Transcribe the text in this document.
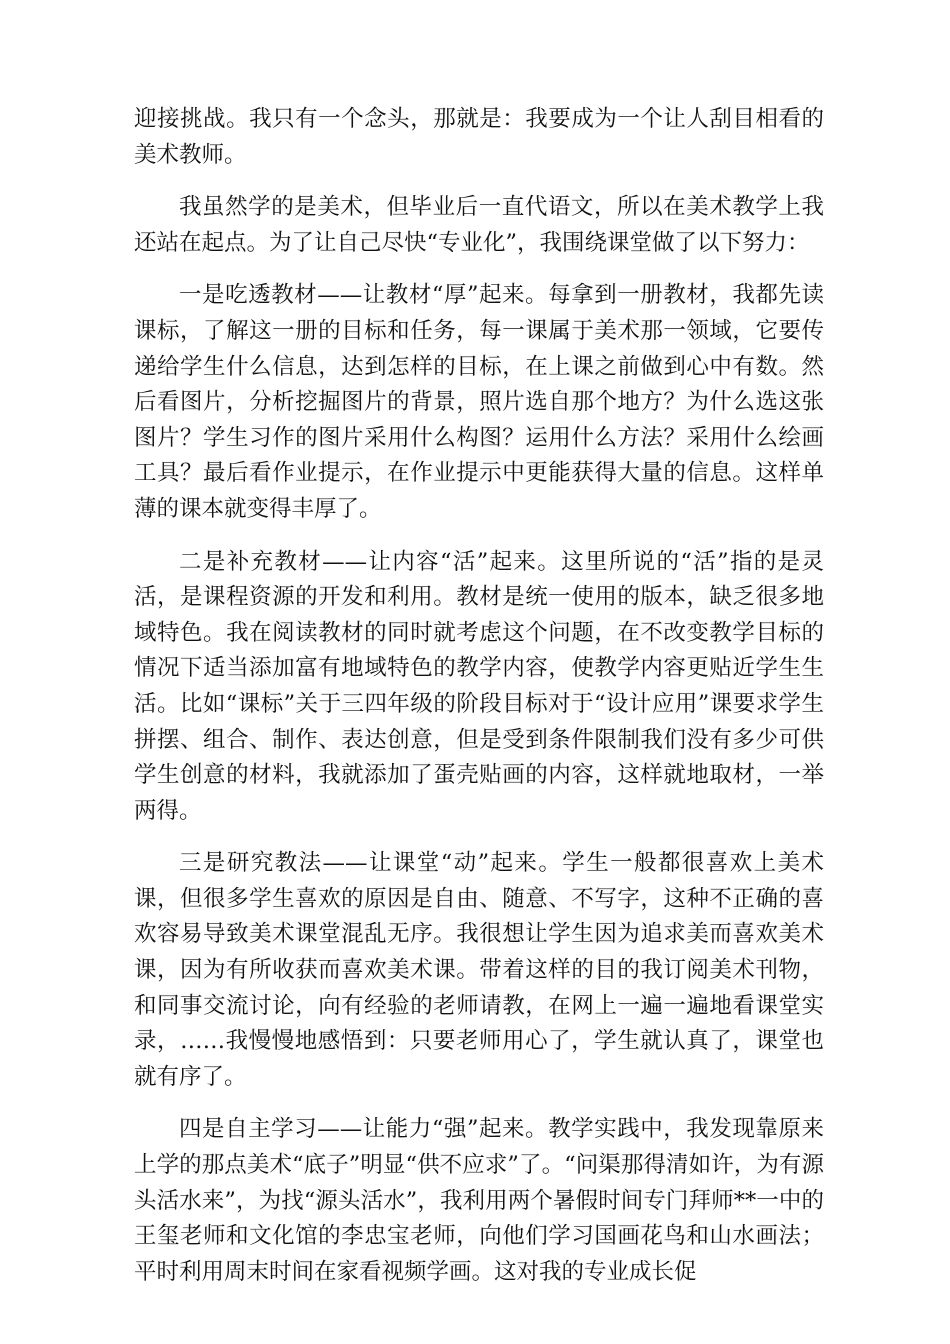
迎接挑战。我只有一个念头，那就是：我要成为一个让人刮目相看的美术教师。

我虽然学的是美术，但毕业后一直代语文，所以在美术教学上我还站在起点。为了让自己尽快“专业化”，我围绕课堂做了以下努力：

一是吃透教材——让教材“厚”起来。每拿到一册教材，我都先读课标，了解这一册的目标和任务，每一课属于美术那一领域，它要传递给学生什么信息，达到怎样的目标，在上课之前做到心中有数。然后看图片，分析挖掘图片的背景，照片选自那个地方？为什么选这张图片？学生习作的图片采用什么构图？运用什么方法？采用什么绘画工具？最后看作业提示，在作业提示中更能获得大量的信息。这样单薄的课本就变得丰厚了。

二是补充教材——让内容“活”起来。这里所说的“活”指的是灵活，是课程资源的开发和利用。教材是统一使用的版本，缺乏很多地域特色。我在阅读教材的同时就考虑这个问题，在不改变教学目标的情况下适当添加富有地域特色的教学内容，使教学内容更贴近学生生活。比如“课标”关于三四年级的阶段目标对于“设计应用”课要求学生拼摆、组合、制作、表达创意，但是受到条件限制我们没有多少可供学生创意的材料，我就添加了蛋壳贴画的内容，这样就地取材，一举两得。

三是研究教法——让课堂“动”起来。学生一般都很喜欢上美术课，但很多学生喜欢的原因是自由、随意、不写字，这种不正确的喜欢容易导致美术课堂混乱无序。我很想让学生因为追求美而喜欢美术课，因为有所收获而喜欢美术课。带着这样的目的我订阅美术刊物，和同事交流讨论，向有经验的老师请教，在网上一遍一遍地看课堂实录，……我慢慢地感悟到：只要老师用心了，学生就认真了，课堂也就有序了。

四是自主学习——让能力“强”起来。教学实践中，我发现靠原来上学的那点美术“底子”明显“供不应求”了。“问渠那得清如许，为有源头活水来”，为找“源头活水”，我利用两个暑假时间专门拜师**一中的王玺老师和文化馆的李忠宝老师，向他们学习国画花鸟和山水画法；平时利用周末时间在家看视频学画。这对我的专业成长促
